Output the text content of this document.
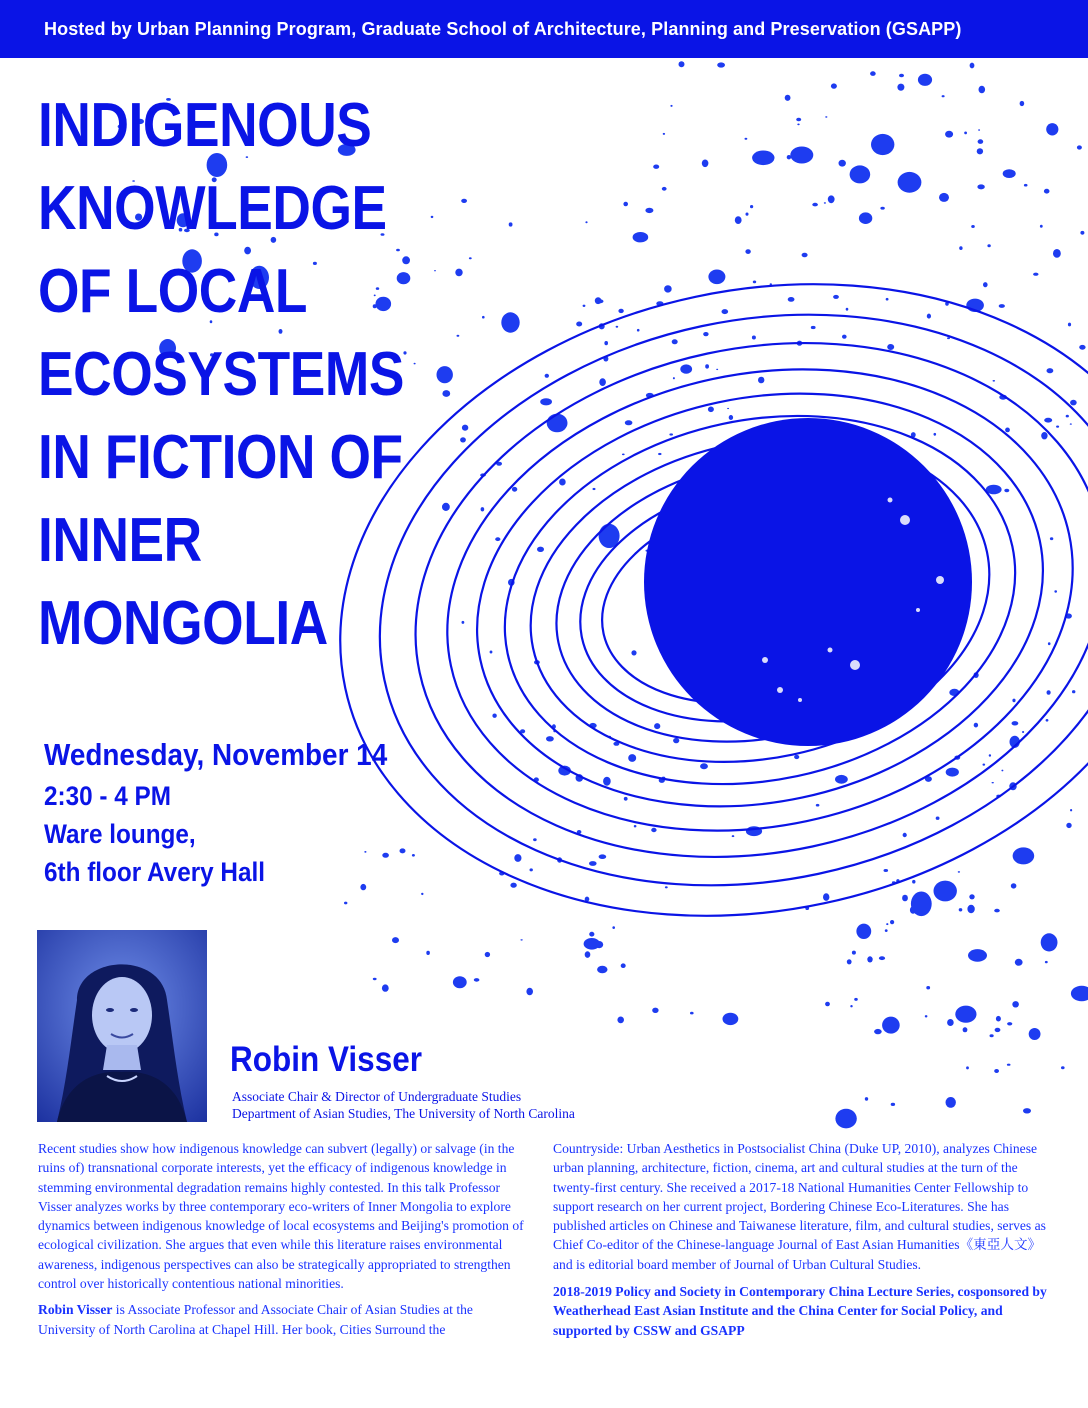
Hosted by Urban Planning Program, Graduate School of Architecture, Planning and Preservation (GSAPP)
INDIGENOUS
KNOWLEDGE
OF LOCAL
ECOSYSTEMS
IN FICTION OF
INNER
MONGOLIA
Wednesday, November 14
2:30 - 4 PM
Ware lounge,
6th floor Avery Hall
Robin Visser
Associate Chair & Director of Undergraduate Studies
Department of Asian Studies, The University of North Carolina

Recent studies show how indigenous knowledge can subvert (legally) or salvage (in the ruins of) transnational corporate interests, yet the efficacy of indigenous knowledge in stemming environmental degradation remains highly contested. In this talk Professor Visser analyzes works by three contemporary eco-writers of Inner Mongolia to explore dynamics between indigenous knowledge of local ecosystems and Beijing's promotion of ecological civilization. She argues that even while this literature raises environmental awareness, indigenous perspectives can also be strategically appropriated to strengthen control over historically contentious national minorities.

Robin Visser is Associate Professor and Associate Chair of Asian Studies at the University of North Carolina at Chapel Hill. Her book, Cities Surround the

Countryside: Urban Aesthetics in Postsocialist China (Duke UP, 2010), analyzes Chinese urban planning, architecture, fiction, cinema, art and cultural studies at the turn of the twenty-first century. She received a 2017-18 National Humanities Center Fellowship to support research on her current project, Bordering Chinese Eco-Literatures. She has published articles on Chinese and Taiwanese literature, film, and cultural studies, serves as Chief Co-editor of the Chinese-language Journal of East Asian Humanities《東亞人文》and is editorial board member of Journal of Urban Cultural Studies.

2018-2019 Policy and Society in Contemporary China Lecture Series, cosponsored by Weatherhead East Asian Institute and the China Center for Social Policy, and supported by CSSW and GSAPP
